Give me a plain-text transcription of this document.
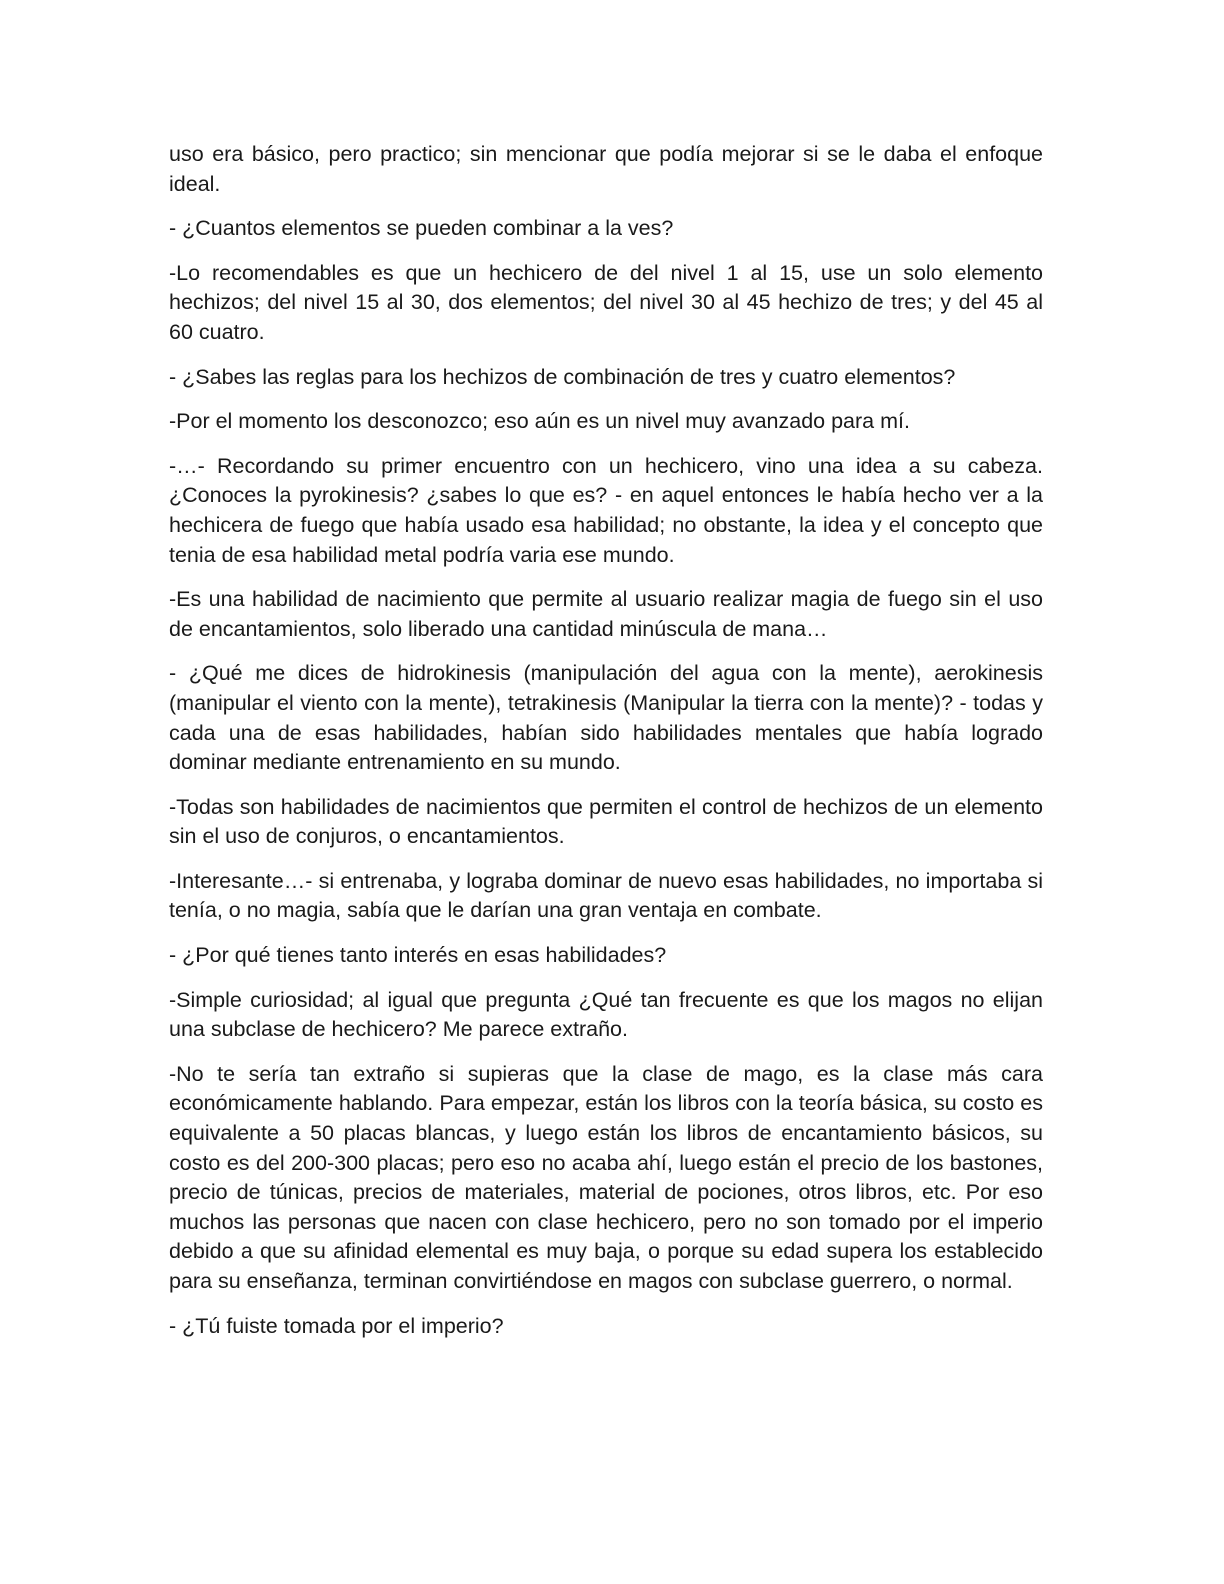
uso era básico, pero practico; sin mencionar que podía mejorar si se le daba el enfoque ideal.

- ¿Cuantos elementos se pueden combinar a la ves?

-Lo recomendables es que un hechicero de del nivel 1 al 15, use un solo elemento hechizos; del nivel 15 al 30, dos elementos; del nivel 30 al 45 hechizo de tres; y del 45 al 60 cuatro.

- ¿Sabes las reglas para los hechizos de combinación de tres y cuatro elementos?

-Por el momento los desconozco; eso aún es un nivel muy avanzado para mí.

-…- Recordando su primer encuentro con un hechicero, vino una idea a su cabeza. ¿Conoces la pyrokinesis? ¿sabes lo que es? - en aquel entonces le había hecho ver a la hechicera de fuego que había usado esa habilidad; no obstante, la idea y el concepto que tenia de esa habilidad metal podría varia ese mundo.

-Es una habilidad de nacimiento que permite al usuario realizar magia de fuego sin el uso de encantamientos, solo liberado una cantidad minúscula de mana…

- ¿Qué me dices de hidrokinesis (manipulación del agua con la mente), aerokinesis (manipular el viento con la mente), tetrakinesis (Manipular la tierra con la mente)? - todas y cada una de esas habilidades, habían sido habilidades mentales que había logrado dominar mediante entrenamiento en su mundo.

-Todas son habilidades de nacimientos que permiten el control de hechizos de un elemento sin el uso de conjuros, o encantamientos.

-Interesante…- si entrenaba, y lograba dominar de nuevo esas habilidades, no importaba si tenía, o no magia, sabía que le darían una gran ventaja en combate.

- ¿Por qué tienes tanto interés en esas habilidades?

-Simple curiosidad; al igual que pregunta ¿Qué tan frecuente es que los magos no elijan una subclase de hechicero? Me parece extraño.

-No te sería tan extraño si supieras que la clase de mago, es la clase más cara económicamente hablando. Para empezar, están los libros con la teoría básica, su costo es equivalente a 50 placas blancas, y luego están los libros de encantamiento básicos, su costo es del 200-300 placas; pero eso no acaba ahí, luego están el precio de los bastones, precio de túnicas, precios de materiales, material de pociones, otros libros, etc. Por eso muchos las personas que nacen con clase hechicero, pero no son tomado por el imperio debido a que su afinidad elemental es muy baja, o porque su edad supera los establecido para su enseñanza, terminan convirtiéndose en magos con subclase guerrero, o normal.

- ¿Tú fuiste tomada por el imperio?
